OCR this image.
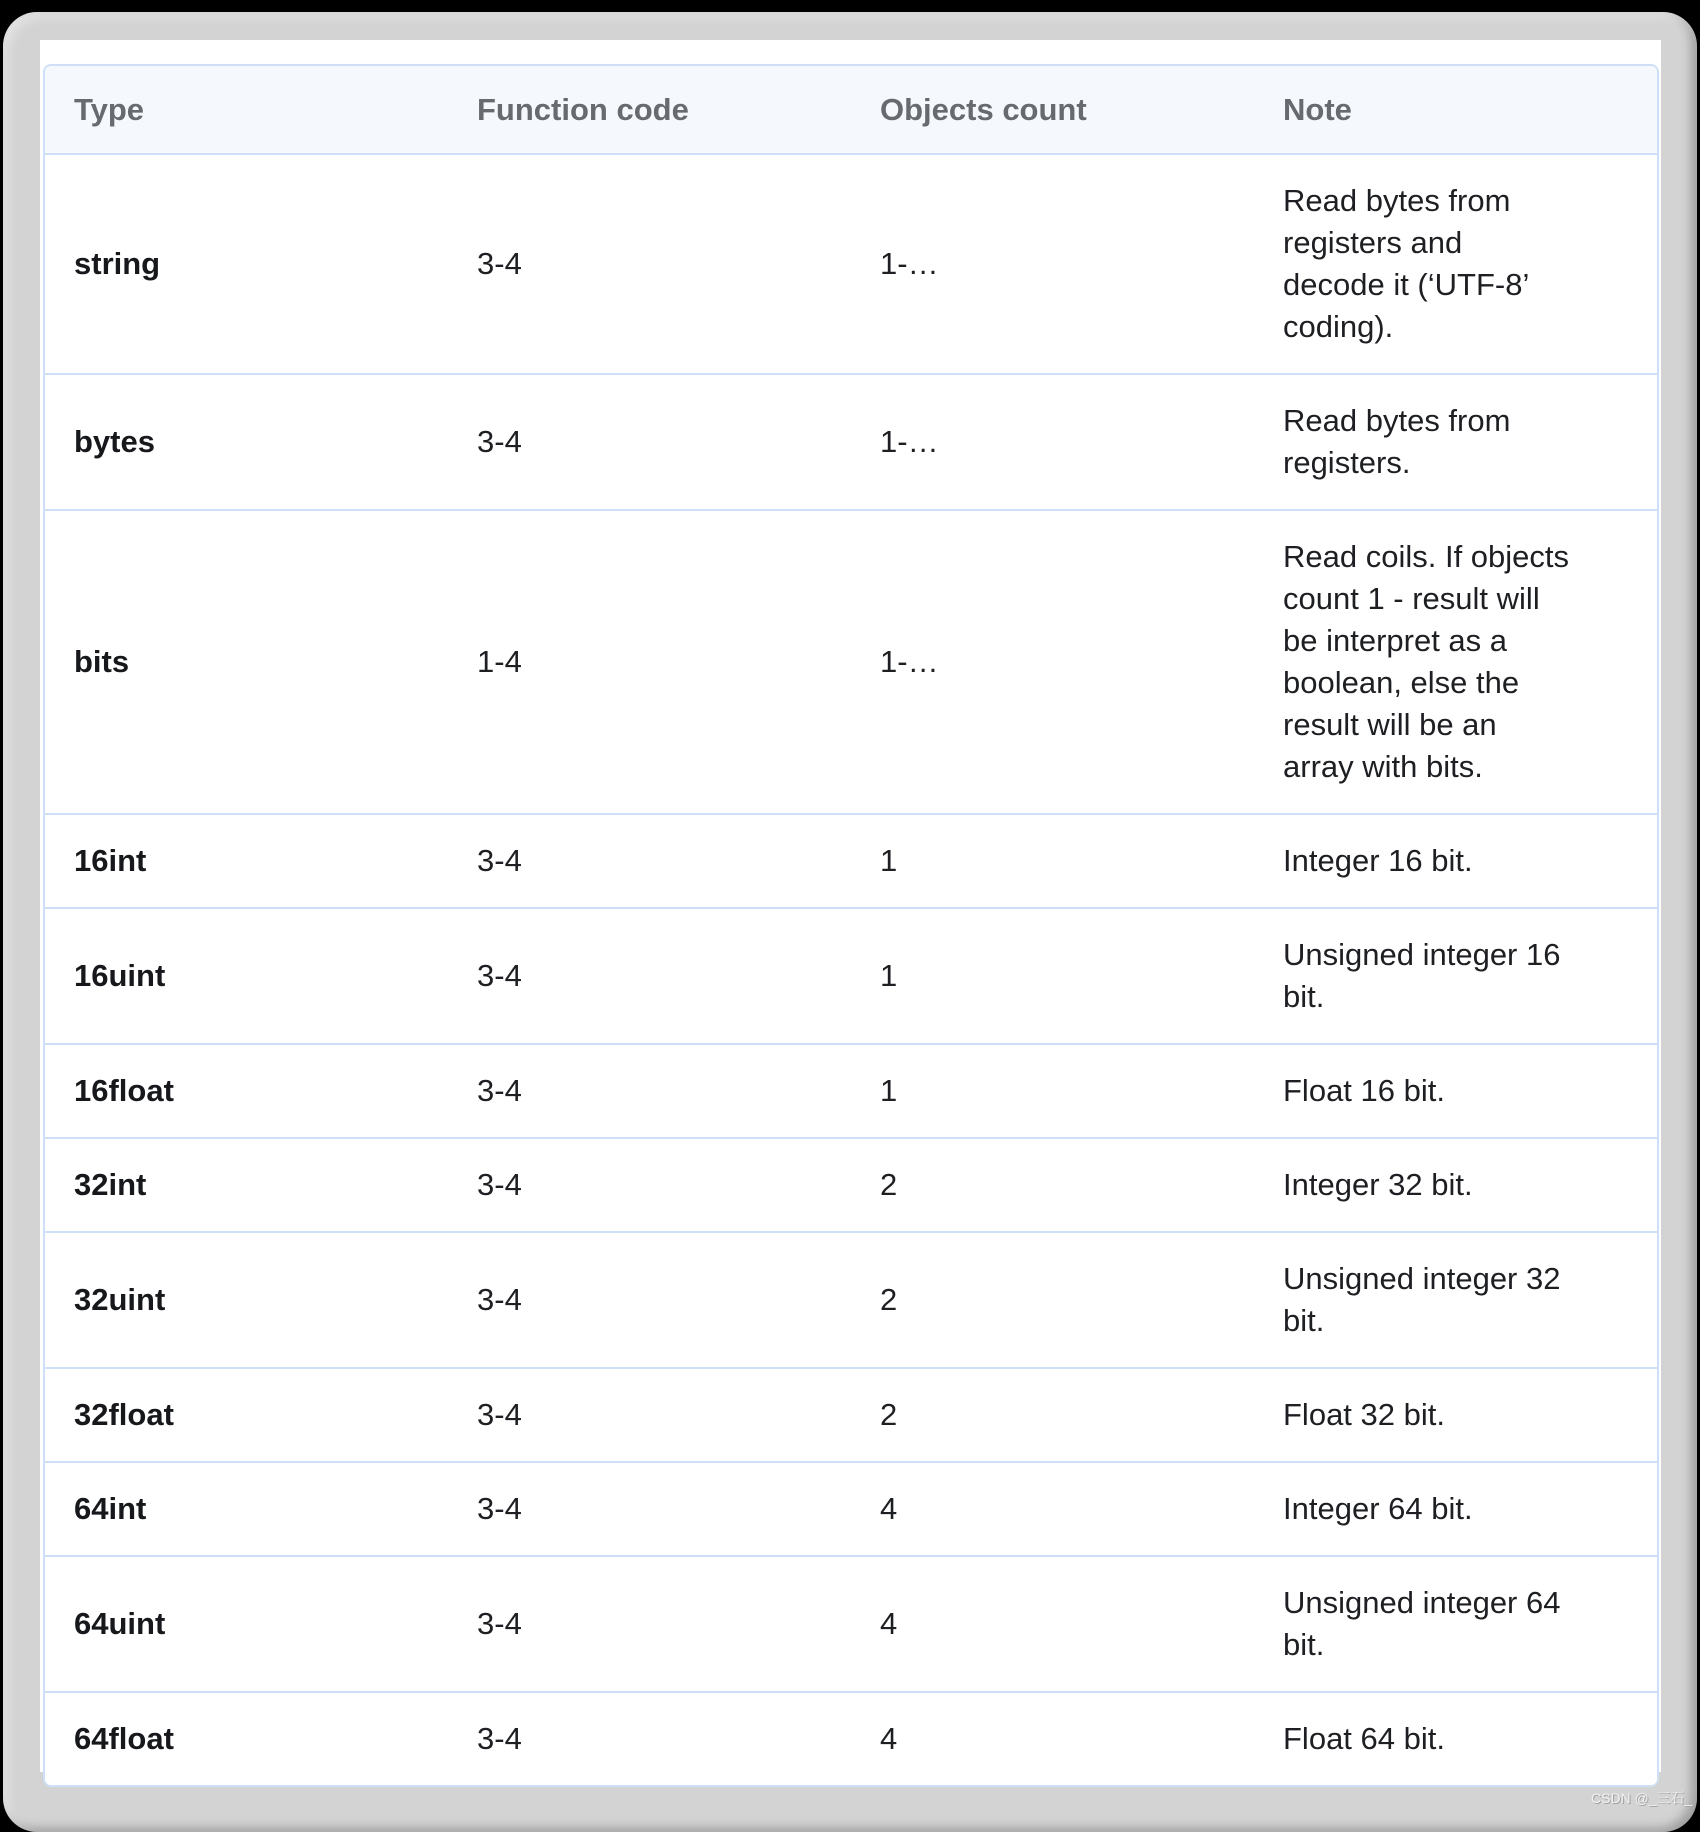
Type	Function code	Objects count	Note
string	3-4	1-…	Read bytes from
registers and
decode it (‘UTF-8’
coding).

bytes	3-4	1-…	Read bytes from
registers.

bits	1-4	1-…	
Read coils. If objects
count 1 - result will
be interpret as a
boolean, else the
result will be an
array with bits.

16int	3-4	1	Integer 16 bit.

16uint	3-4	1	Unsigned integer 16
bit.

16float	3-4	1	Float 16 bit.

32int	3-4	2	Integer 32 bit.

32uint	3-4	2	Unsigned integer 32
bit.

32float	3-4	2	Float 32 bit.

64int	3-4	4	Integer 64 bit.

64uint	3-4	4	Unsigned integer 64
bit.

64float	3-4	4	Float 64 bit.
CSDN @_三石_
